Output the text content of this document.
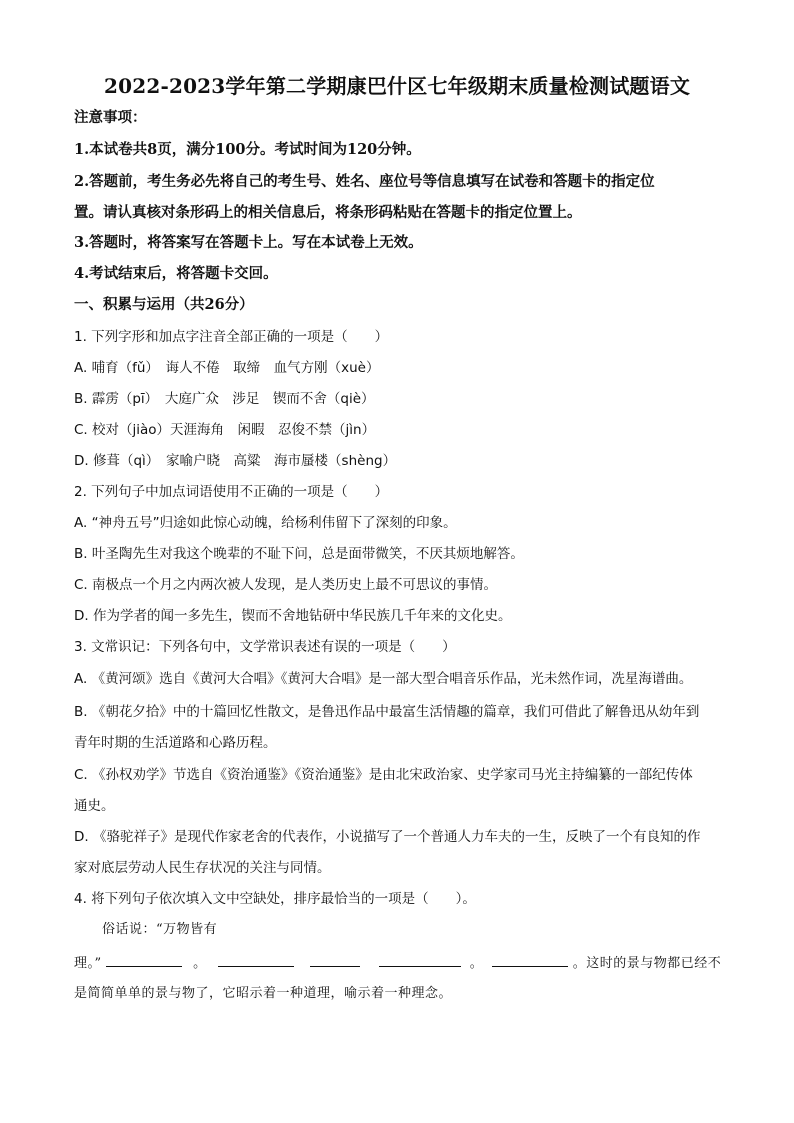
2022-2023学年第二学期康巴什区七年级期末质量检测试题语文
注意事项：
1.本试卷共8页，满分100分。考试时间为120分钟。
2.答题前，考生务必先将自己的考生号、姓名、座位号等信息填写在试卷和答题卡的指定位
置。请认真核对条形码上的相关信息后，将条形码粘贴在答题卡的指定位置上。
3.答题时，将答案写在答题卡上。写在本试卷上无效。
4.考试结束后，将答题卡交回。
一、积累与运用（共26分）
1. 下列字形和加点字注音全部正确的一项是（　　）
A. 哺育（fǔ）　诲人不倦　取缔　血气方刚（xuè）
B. 霹雳（pī）　大庭广众　涉足　锲而不舍（qiè）
C. 校对（jiào）天涯海角　闲暇　忍俊不禁（jìn）
D. 修葺（qì）　家喻户晓　高粱　海市蜃楼（shèng）
2. 下列句子中加点词语使用不正确的一项是（　　）
A. “神舟五号”归途如此惊心动魄，给杨利伟留下了深刻的印象。
B. 叶圣陶先生对我这个晚辈的不耻下问，总是面带微笑，不厌其烦地解答。
C. 南极点一个月之内两次被人发现，是人类历史上最不可思议的事情。
D. 作为学者的闻一多先生，锲而不舍地钻研中华民族几千年来的文化史。
3. 文常识记：下列各句中，文学常识表述有误的一项是（　　）
A. 《黄河颂》选自《黄河大合唱》《黄河大合唱》是一部大型合唱音乐作品，光未然作词，冼星海谱曲。
B. 《朝花夕拾》中的十篇回忆性散文，是鲁迅作品中最富生活情趣的篇章，我们可借此了解鲁迅从幼年到
青年时期的生活道路和心路历程。
C. 《孙权劝学》节选自《资治通鉴》《资治通鉴》是由北宋政治家、史学家司马光主持编纂的一部纪传体
通史。
D. 《骆驼祥子》是现代作家老舍的代表作，小说描写了一个普通人力车夫的一生，反映了一个有良知的作
家对底层劳动人民生存状况的关注与同情。
4. 将下列句子依次填入文中空缺处，排序最恰当的一项是（　　）。
俗话说：“万物皆有
理。”	。	。	。这时的景与物都已经不
是简简单单的景与物了，它昭示着一种道理，喻示着一种理念。
